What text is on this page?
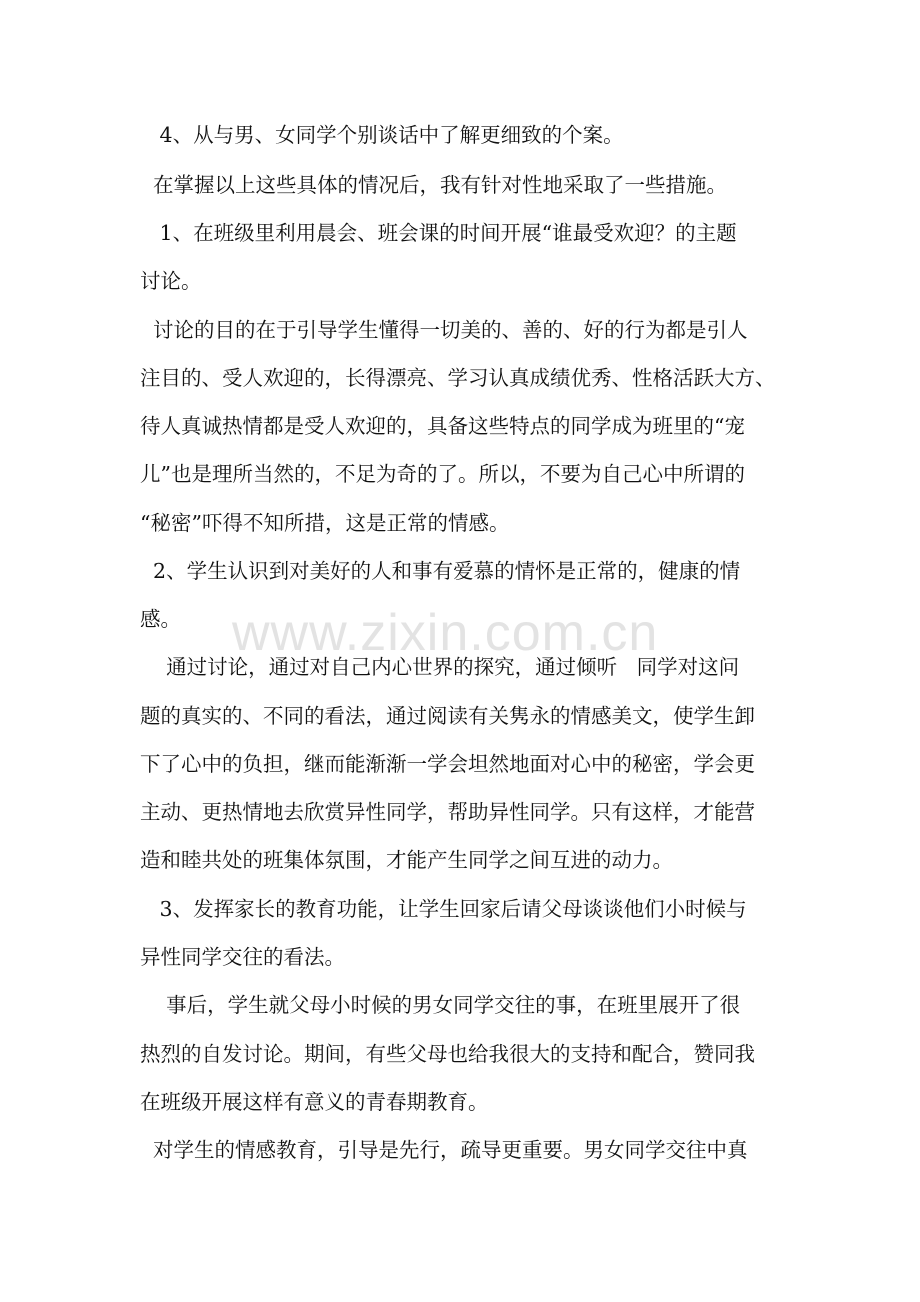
www.zixin.com.cn
4、从与男、女同学个别谈话中了解更细致的个案。
在掌握以上这些具体的情况后，我有针对性地采取了一些措施。
1、在班级里利用晨会、班会课的时间开展“谁最受欢迎？的主题
讨论。
讨论的目的在于引导学生懂得一切美的、善的、好的行为都是引人
注目的、受人欢迎的，长得漂亮、学习认真成绩优秀、性格活跃大方、
待人真诚热情都是受人欢迎的，具备这些特点的同学成为班里的“宠
儿”也是理所当然的，不足为奇的了。所以，不要为自己心中所谓的
“秘密”吓得不知所措，这是正常的情感。
2、学生认识到对美好的人和事有爱慕的情怀是正常的，健康的情
感。
通过讨论，通过对自己内心世界的探究，通过倾听   同学对这问
题的真实的、不同的看法，通过阅读有关隽永的情感美文，使学生卸
下了心中的负担，继而能渐渐一学会坦然地面对心中的秘密，学会更
主动、更热情地去欣赏异性同学，帮助异性同学。只有这样，才能营
造和睦共处的班集体氛围，才能产生同学之间互进的动力。
3、发挥家长的教育功能，让学生回家后请父母谈谈他们小时候与
异性同学交往的看法。
事后，学生就父母小时候的男女同学交往的事，在班里展开了很
热烈的自发讨论。期间，有些父母也给我很大的支持和配合，赞同我
在班级开展这样有意义的青春期教育。
对学生的情感教育，引导是先行，疏导更重要。男女同学交往中真
